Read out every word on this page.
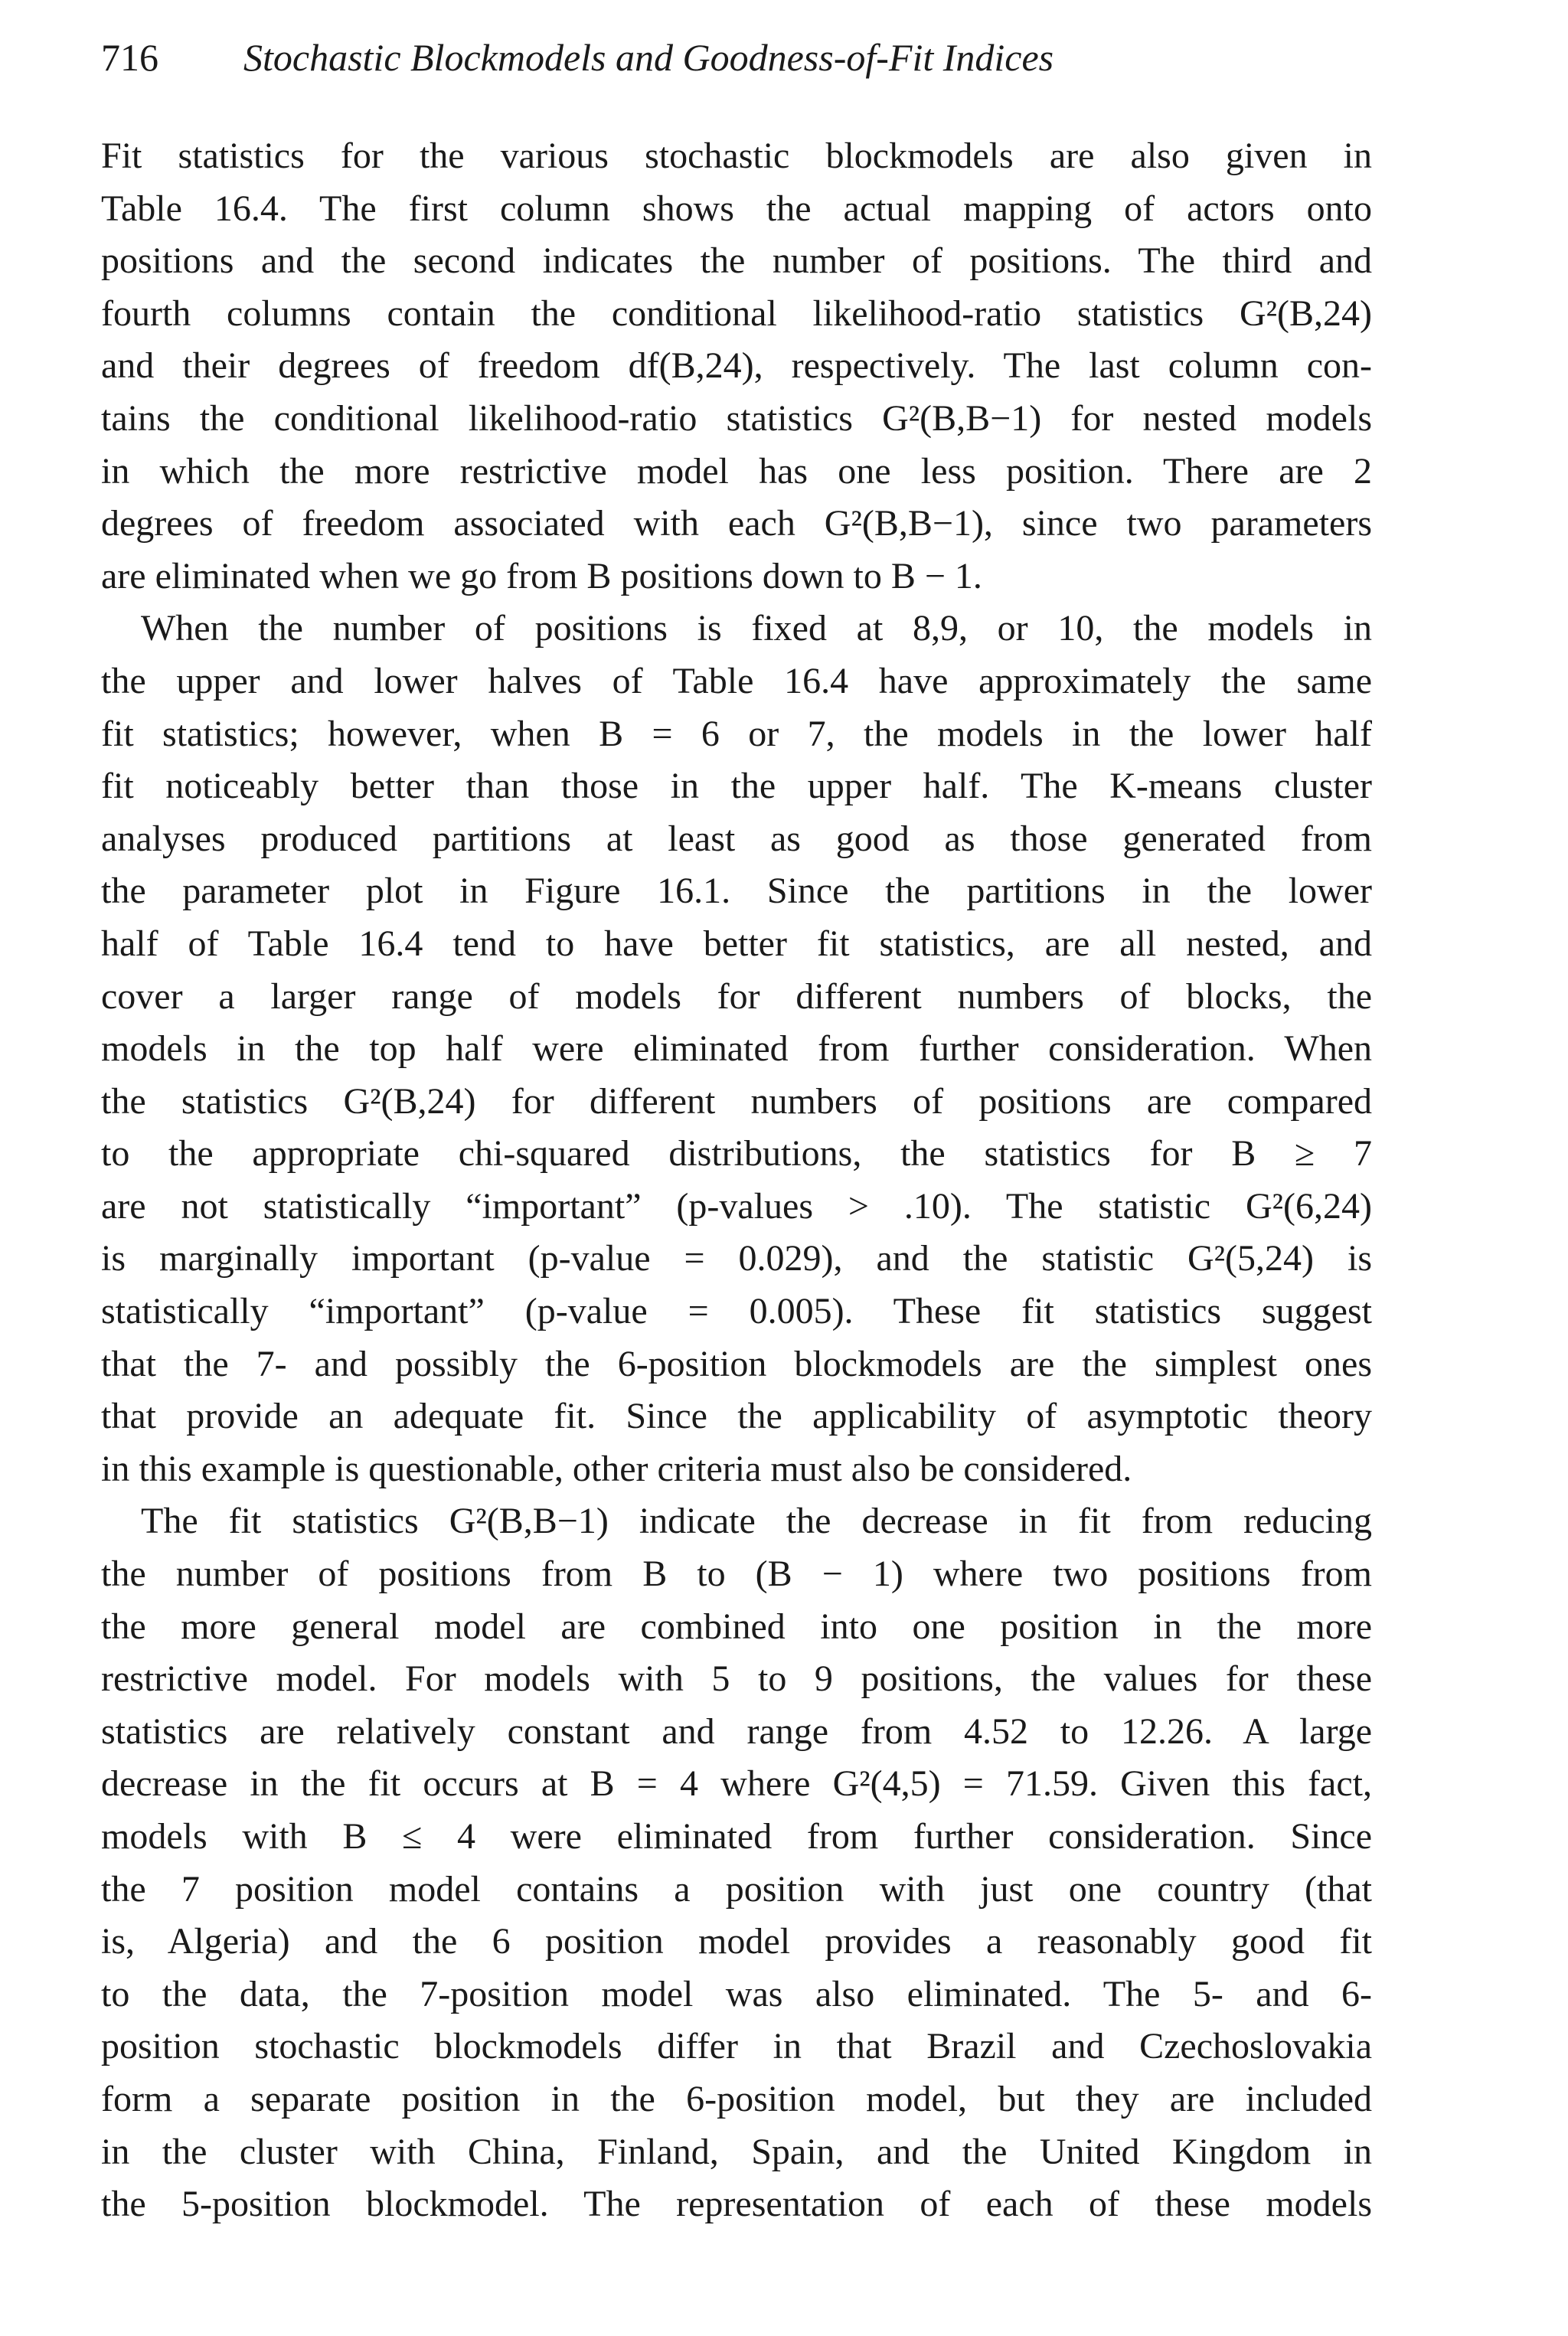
716 Stochastic Blockmodels and Goodness-of-Fit Indices
Fit statistics for the various stochastic blockmodels are also given in
Table 16.4. The first column shows the actual mapping of actors onto
positions and the second indicates the number of positions. The third and
fourth columns contain the conditional likelihood-ratio statistics G²(B,24)
and their degrees of freedom df(B,24), respectively. The last column con-
tains the conditional likelihood-ratio statistics G²(B,B−1) for nested models
in which the more restrictive model has one less position. There are 2
degrees of freedom associated with each G²(B,B−1), since two parameters
are eliminated when we go from B positions down to B − 1.
When the number of positions is fixed at 8,9, or 10, the models in
the upper and lower halves of Table 16.4 have approximately the same
fit statistics; however, when B = 6 or 7, the models in the lower half
fit noticeably better than those in the upper half. The K-means cluster
analyses produced partitions at least as good as those generated from
the parameter plot in Figure 16.1. Since the partitions in the lower
half of Table 16.4 tend to have better fit statistics, are all nested, and
cover a larger range of models for different numbers of blocks, the
models in the top half were eliminated from further consideration. When
the statistics G²(B,24) for different numbers of positions are compared
to the appropriate chi-squared distributions, the statistics for B ≥ 7
are not statistically “important” (p-values > .10). The statistic G²(6,24)
is marginally important (p-value = 0.029), and the statistic G²(5,24) is
statistically “important” (p-value = 0.005). These fit statistics suggest
that the 7- and possibly the 6-position blockmodels are the simplest ones
that provide an adequate fit. Since the applicability of asymptotic theory
in this example is questionable, other criteria must also be considered.
The fit statistics G²(B,B−1) indicate the decrease in fit from reducing
the number of positions from B to (B − 1) where two positions from
the more general model are combined into one position in the more
restrictive model. For models with 5 to 9 positions, the values for these
statistics are relatively constant and range from 4.52 to 12.26. A large
decrease in the fit occurs at B = 4 where G²(4,5) = 71.59. Given this fact,
models with B ≤ 4 were eliminated from further consideration. Since
the 7 position model contains a position with just one country (that
is, Algeria) and the 6 position model provides a reasonably good fit
to the data, the 7-position model was also eliminated. The 5- and 6-
position stochastic blockmodels differ in that Brazil and Czechoslovakia
form a separate position in the 6-position model, but they are included
in the cluster with China, Finland, Spain, and the United Kingdom in
the 5-position blockmodel. The representation of each of these models
